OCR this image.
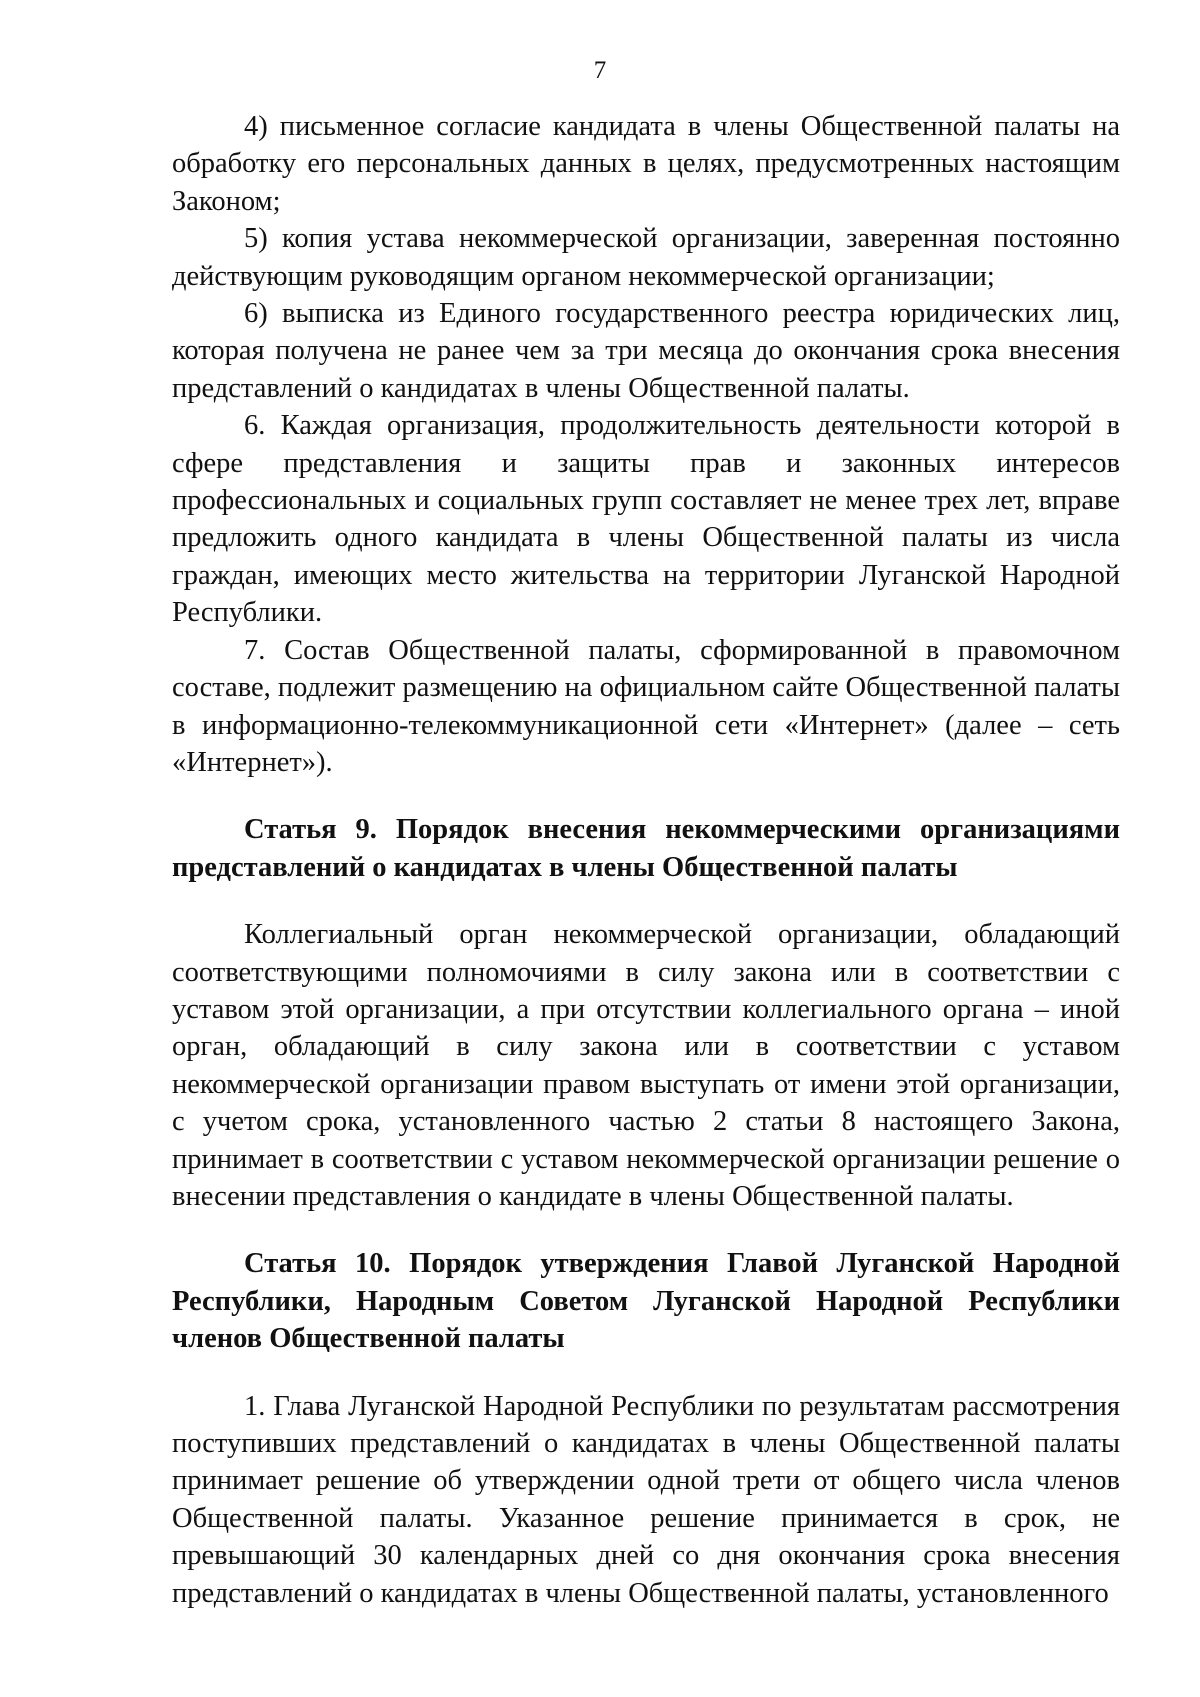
7

4) письменное согласие кандидата в члены Общественной палаты на обработку его персональных данных в целях, предусмотренных настоящим Законом;

5) копия устава некоммерческой организации, заверенная постоянно действующим руководящим органом некоммерческой организации;

6) выписка из Единого государственного реестра юридических лиц, которая получена не ранее чем за три месяца до окончания срока внесения представлений о кандидатах в члены Общественной палаты.

6. Каждая организация, продолжительность деятельности которой в сфере представления и защиты прав и законных интересов профессиональных и социальных групп составляет не менее трех лет, вправе предложить одного кандидата в члены Общественной палаты из числа граждан, имеющих место жительства на территории Луганской Народной Республики.

7. Состав Общественной палаты, сформированной в правомочном составе, подлежит размещению на официальном сайте Общественной палаты в информационно-телекоммуникационной сети «Интернет» (далее – сеть «Интернет»).

Статья 9. Порядок внесения некоммерческими организациями представлений о кандидатах в члены Общественной палаты

Коллегиальный орган некоммерческой организации, обладающий соответствующими полномочиями в силу закона или в соответствии с уставом этой организации, а при отсутствии коллегиального органа – иной орган, обладающий в силу закона или в соответствии с уставом некоммерческой организации правом выступать от имени этой организации, с учетом срока, установленного частью 2 статьи 8 настоящего Закона, принимает в соответствии с уставом некоммерческой организации решение о внесении представления о кандидате в члены Общественной палаты.

Статья 10. Порядок утверждения Главой Луганской Народной Республики, Народным Советом Луганской Народной Республики членов Общественной палаты

1. Глава Луганской Народной Республики по результатам рассмотрения поступивших представлений о кандидатах в члены Общественной палаты принимает решение об утверждении одной трети от общего числа членов Общественной палаты. Указанное решение принимается в срок, не превышающий 30 календарных дней со дня окончания срока внесения представлений о кандидатах в члены Общественной палаты, установленного
